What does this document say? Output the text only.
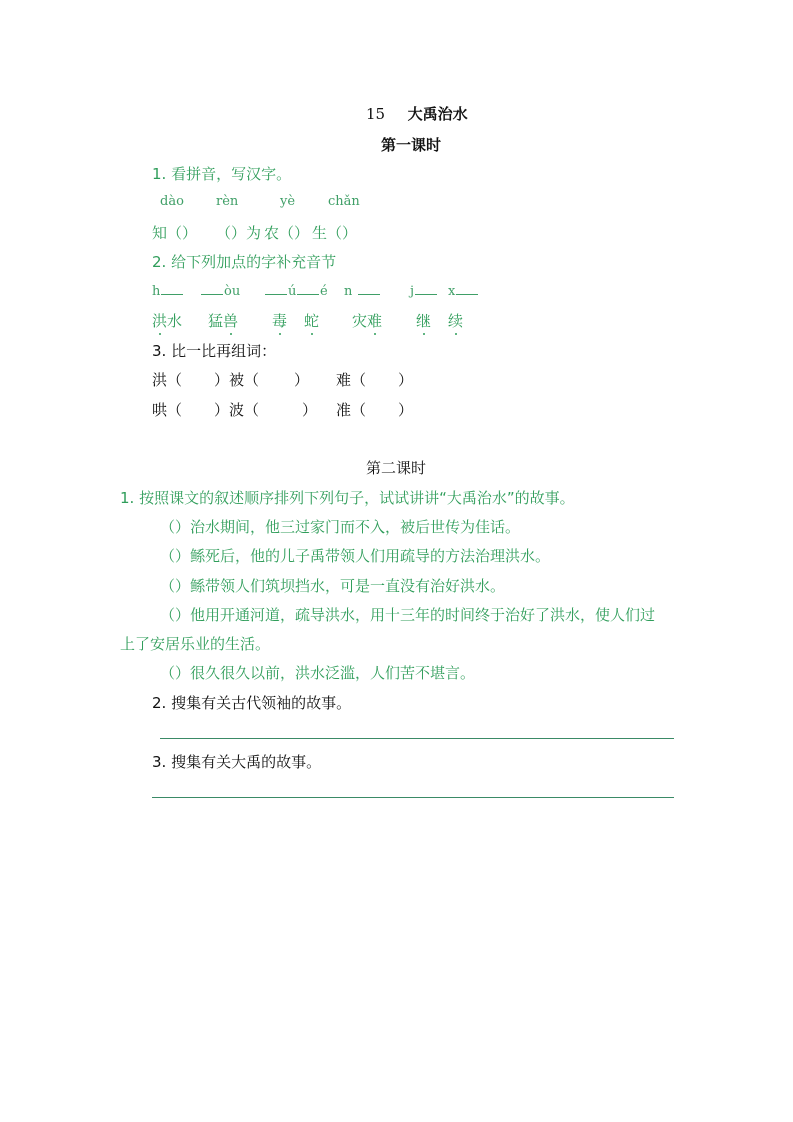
15 大禹治水
第一课时
1. 看拼音，写汉字。
dào rèn	yè	chǎn
知（） （）为 农（） 生（）
2. 给下列加点的字补充音节
h	òu	ú	é n	j	x
洪水 猛兽 毒 蛇 灾难 继 续
3. 比一比再组词：
洪（ ）被（ ） 难（ ）
哄（ ）波（	） 准（ ）
第二课时
1. 按照课文的叙述顺序排列下列句子，试试讲讲“大禹治水”的故事。
（）治水期间，他三过家门而不入，被后世传为佳话。
（）鲧死后，他的儿子禹带领人们用疏导的方法治理洪水。
（）鲧带领人们筑坝挡水，可是一直没有治好洪水。
（）他用开通河道，疏导洪水，用十三年的时间终于治好了洪水，使人们过
上了安居乐业的生活。
（）很久很久以前，洪水泛滥，人们苦不堪言。
2. 搜集有关古代领袖的故事。
3. 搜集有关大禹的故事。
